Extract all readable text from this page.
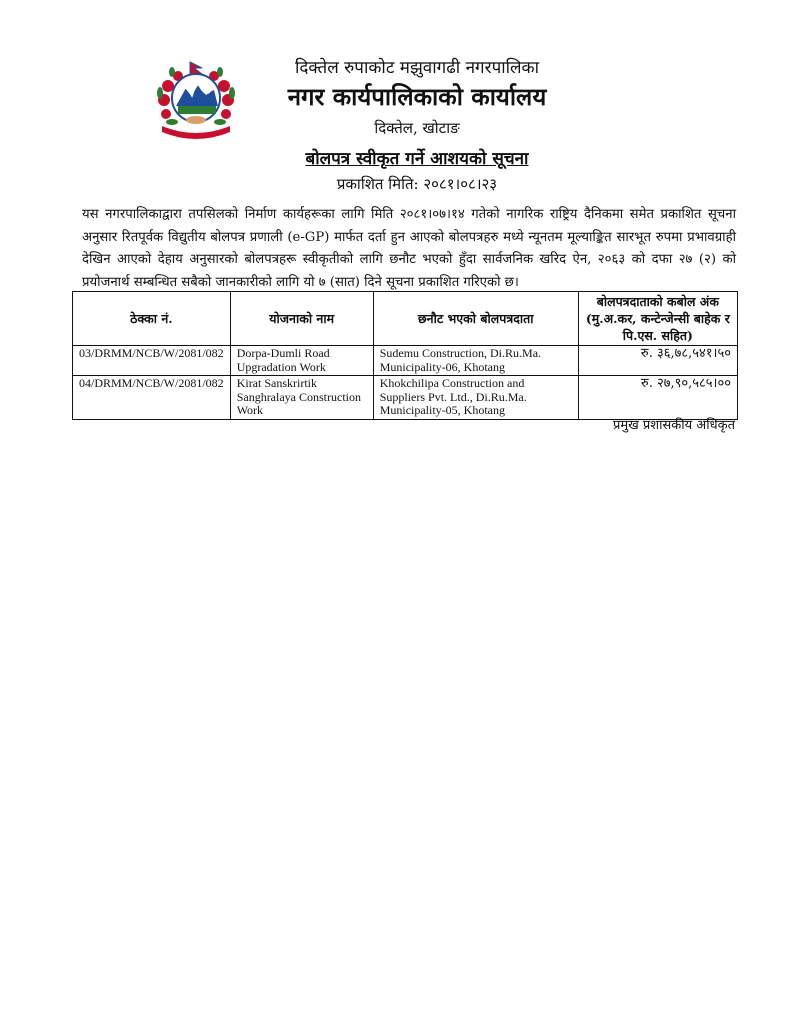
दिक्तेल रुपाकोट मझुवागढी नगरपालिका
नगर कार्यपालिकाको कार्यालय
दिक्तेल, खोटाङ
बोलपत्र स्वीकृत गर्ने आशयको सूचना
प्रकाशित मिति: २०८१।०८।२३
यस नगरपालिकाद्वारा तपसिलको निर्माण कार्यहरूका लागि मिति २०८१।०७।१४ गतेको नागरिक राष्ट्रिय दैनिकमा समेत प्रकाशित सूचना अनुसार रितपूर्वक विद्युतीय बोलपत्र प्रणाली (e-GP) मार्फत दर्ता हुन आएको बोलपत्रहरु मध्ये न्यूनतम मूल्याङ्कित सारभूत रुपमा प्रभावग्राही देखिन आएको देहाय अनुसारको बोलपत्रहरू स्वीकृतीको लागि छनौट भएको हुँदा सार्वजनिक खरिद ऐन, २०६३ को दफा २७ (२) को प्रयोजनार्थ सम्बन्धित सबैको जानकारीको लागि यो ७ (सात) दिने सूचना प्रकाशित गरिएको छ।
ठेक्का नं.	योजनाको नाम	छनौट भएको बोलपत्रदाता	बोलपत्रदाताको कबोल अंक (मु.अ.कर, कन्टेन्जेन्सी बाहेक र पि.एस. सहित)
03/DRMM/NCB/W/2081/082	Dorpa-Dumli Road Upgradation Work	Sudemu Construction, Di.Ru.Ma. Municipality-06, Khotang	रु. ३६,७८,५४१।५०
04/DRMM/NCB/W/2081/082	Kirat Sanskrirtik Sanghralaya Construction Work	Khokchilipa Construction and Suppliers Pvt. Ltd., Di.Ru.Ma. Municipality-05, Khotang	रु. २७,९०,५८५।००
प्रमुख प्रशासकीय अधिकृत
